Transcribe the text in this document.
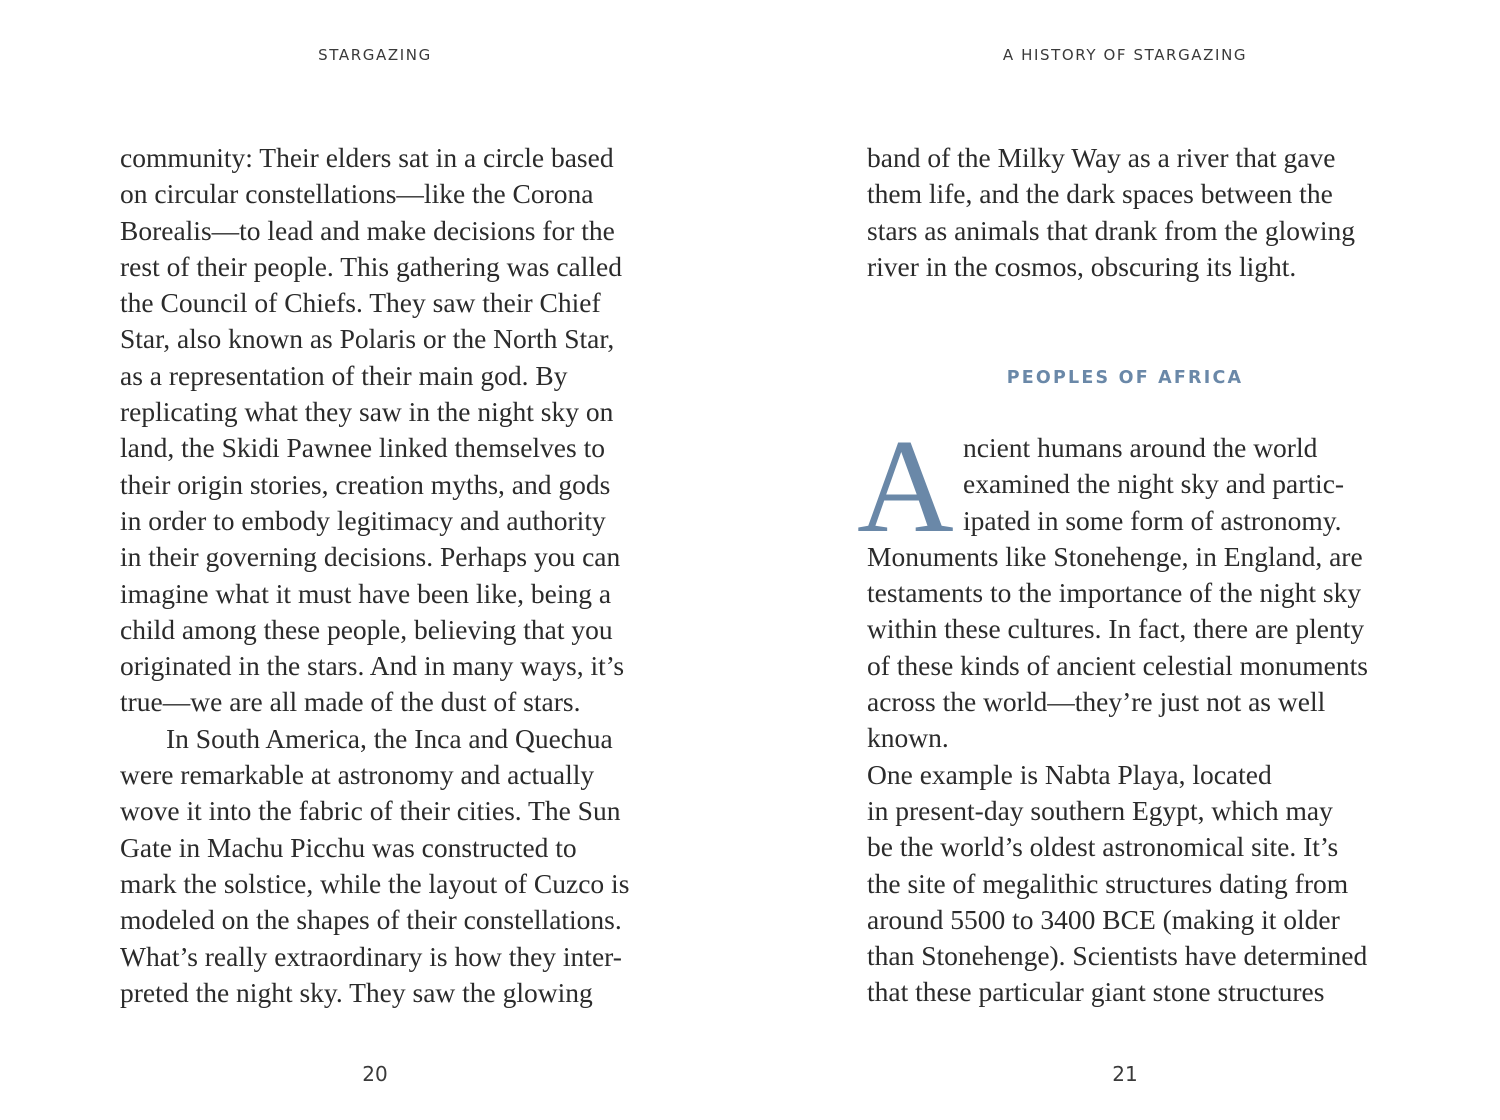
STARGAZING

community: Their elders sat in a circle based
on circular constellations—like the Corona
Borealis—to lead and make decisions for the
rest of their people. This gathering was called
the Council of Chiefs. They saw their Chief
Star, also known as Polaris or the North Star,
as a representation of their main god. By
replicating what they saw in the night sky on
land, the Skidi Pawnee linked themselves to
their origin stories, creation myths, and gods
in order to embody legitimacy and authority
in their governing decisions. Perhaps you can
imagine what it must have been like, being a
child among these people, believing that you
originated in the stars. And in many ways, it’s
true—we are all made of the dust of stars.
In South America, the Inca and Quechua
were remarkable at astronomy and actually
wove it into the fabric of their cities. The Sun
Gate in Machu Picchu was constructed to
mark the solstice, while the layout of Cuzco is
modeled on the shapes of their constellations.
What’s really extraordinary is how they inter-
preted the night sky. They saw the glowing

20

A HISTORY OF STARGAZING

band of the Milky Way as a river that gave
them life, and the dark spaces between the
stars as animals that drank from the glowing
river in the cosmos, obscuring its light.
PEOPLES OF AFRICA
A ncient humans around the world
examined the night sky and partic-
ipated in some form of astronomy.
Monuments like Stonehenge, in England, are
testaments to the importance of the night sky
within these cultures. In fact, there are plenty
of these kinds of ancient celestial monuments
across the world—they’re just not as well
known.
One example is Nabta Playa, located
in present-day southern Egypt, which may
be the world’s oldest astronomical site. It’s
the site of megalithic structures dating from
around 5500 to 3400 BCE (making it older
than Stonehenge). Scientists have determined
that these particular giant stone structures

21
